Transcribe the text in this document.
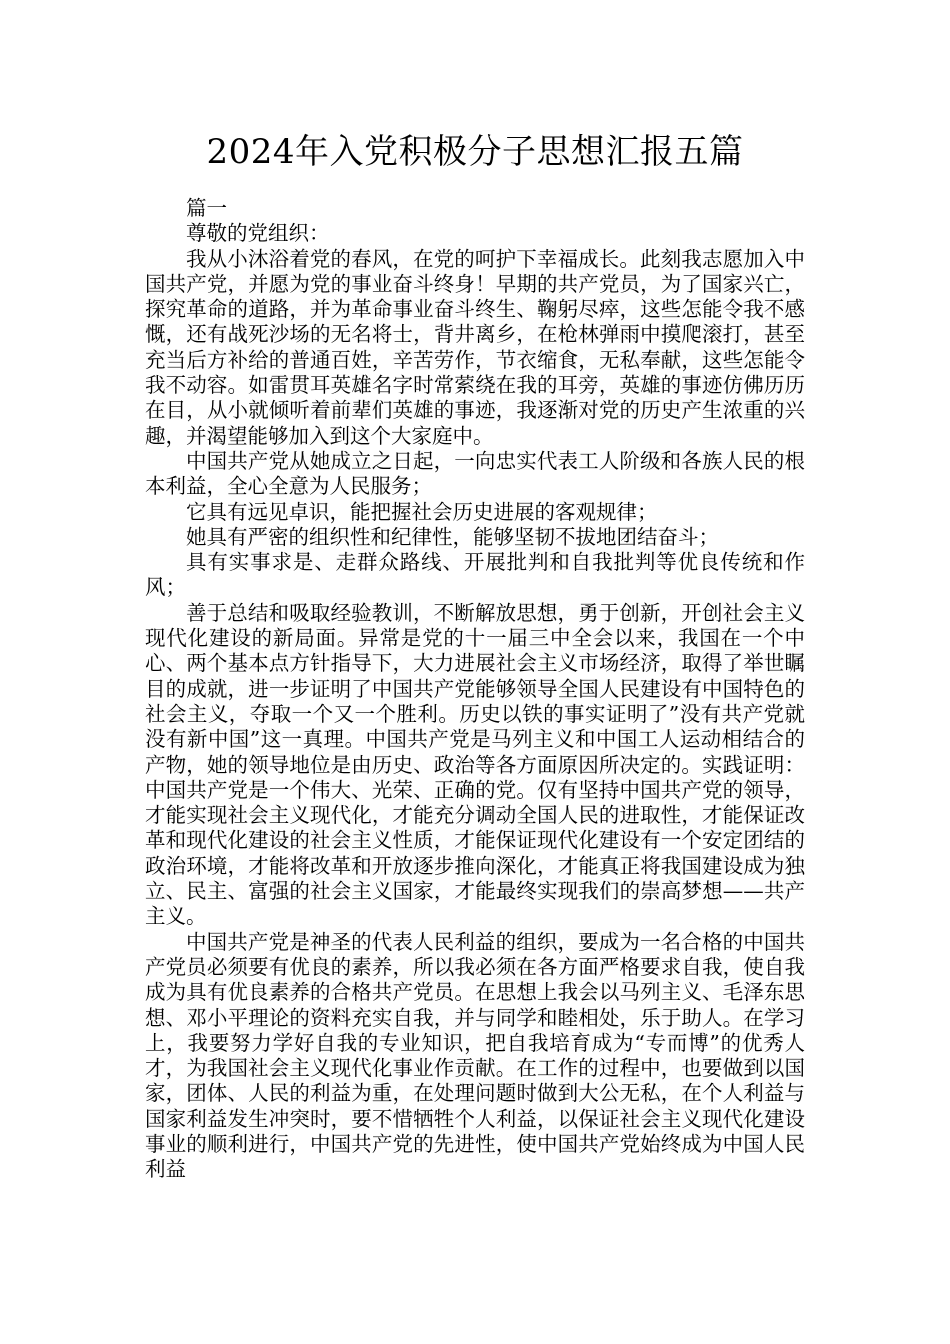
2024年入党积极分子思想汇报五篇

篇一

尊敬的党组织：

我从小沐浴着党的春风，在党的呵护下幸福成长。此刻我志愿加入中国共产党，并愿为党的事业奋斗终身！早期的共产党员，为了国家兴亡，探究革命的道路，并为革命事业奋斗终生、鞠躬尽瘁，这些怎能令我不感慨，还有战死沙场的无名将士，背井离乡，在枪林弹雨中摸爬滚打，甚至充当后方补给的普通百姓，辛苦劳作，节衣缩食，无私奉献，这些怎能令我不动容。如雷贯耳英雄名字时常萦绕在我的耳旁，英雄的事迹仿佛历历在目，从小就倾听着前辈们英雄的事迹，我逐渐对党的历史产生浓重的兴趣，并渴望能够加入到这个大家庭中。

中国共产党从她成立之日起，一向忠实代表工人阶级和各族人民的根本利益，全心全意为人民服务；

它具有远见卓识，能把握社会历史进展的客观规律；

她具有严密的组织性和纪律性，能够坚韧不拔地团结奋斗；

具有实事求是、走群众路线、开展批判和自我批判等优良传统和作风；

善于总结和吸取经验教训，不断解放思想，勇于创新，开创社会主义现代化建设的新局面。异常是党的十一届三中全会以来，我国在一个中心、两个基本点方针指导下，大力进展社会主义市场经济，取得了举世瞩目的成就，进一步证明了中国共产党能够领导全国人民建设有中国特色的社会主义，夺取一个又一个胜利。历史以铁的事实证明了”没有共产党就没有新中国”这一真理。中国共产党是马列主义和中国工人运动相结合的产物，她的领导地位是由历史、政治等各方面原因所决定的。实践证明：中国共产党是一个伟大、光荣、正确的党。仅有坚持中国共产党的领导，才能实现社会主义现代化，才能充分调动全国人民的进取性，才能保证改革和现代化建设的社会主义性质，才能保证现代化建设有一个安定团结的政治环境，才能将改革和开放逐步推向深化，才能真正将我国建设成为独立、民主、富强的社会主义国家，才能最终实现我们的崇高梦想——共产主义。

中国共产党是神圣的代表人民利益的组织，要成为一名合格的中国共产党员必须要有优良的素养，所以我必须在各方面严格要求自我，使自我成为具有优良素养的合格共产党员。在思想上我会以马列主义、毛泽东思想、邓小平理论的资料充实自我，并与同学和睦相处，乐于助人。在学习上，我要努力学好自我的专业知识，把自我培育成为“专而博”的优秀人才，为我国社会主义现代化事业作贡献。在工作的过程中，也要做到以国家，团体、人民的利益为重，在处理问题时做到大公无私，在个人利益与国家利益发生冲突时，要不惜牺牲个人利益，以保证社会主义现代化建设事业的顺利进行，中国共产党的先进性，使中国共产党始终成为中国人民利益
